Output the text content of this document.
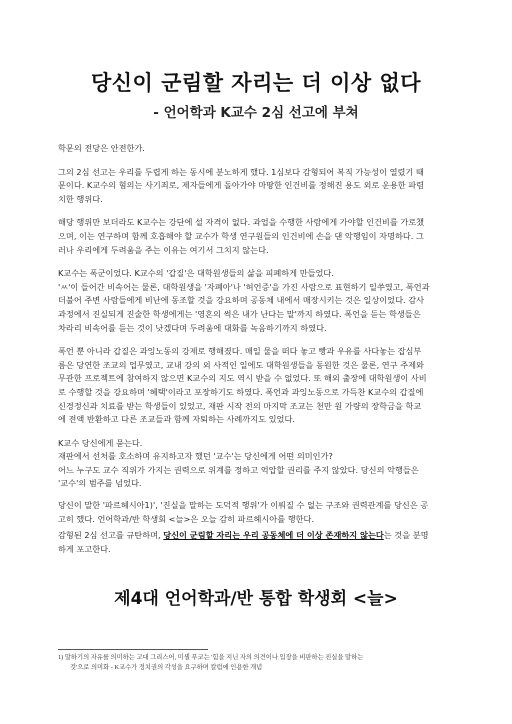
당신이 군림할 자리는 더 이상 없다
- 언어학과 K교수 2심 선고에 부쳐

학문의 전당은 안전한가.

그의 2심 선고는 우리를 두렵게 하는 동시에 분노하게 했다. 1심보다 감형되어 복직 가능성이 열렸기 때
문이다. K교수의 혐의는 사기죄로, 제자들에게 돌아가야 마땅한 인건비를 정해진 용도 외로 운용한 파렴
치한 행위다.

해당 행위만 보더라도 K교수는 강단에 설 자격이 없다. 과업을 수행한 사람에게 가야할 인건비를 가로챘
으며, 이는 연구하며 함께 호흡해야 할 교수가 학생 연구원들의 인건비에 손을 댄 악행임이 자명하다. 그
러나 우리에게 두려움을 주는 이유는 여기서 그치지 않는다.

K교수는 폭군이었다. K교수의 '갑질'은 대학원생들의 삶을 피폐하게 만들었다.
'ㅆ'이 들어간 비속어는 물론, 대학원생을 '자폐아'나 '허언증'을 가진 사람으로 표현하기 일쑤였고, 폭언과
더불어 주변 사람들에게 비난에 동조할 것을 강요하며 공동체 내에서 매장시키는 것은 일상이었다. 감사
과정에서 진실되게 진술한 학생에게는 '영혼의 썩은 내가 난다는 말'까지 하였다. 폭언을 듣는 학생들은
차라리 비속어를 듣는 것이 낫겠다며 두려움에 대화를 녹음하기까지 하였다.

폭언 뿐 아니라 갑질은 과잉노동의 강제로 행해졌다. 매일 물을 떠다 놓고 빵과 우유를 사다놓는 잡심부
름은 당연한 조교의 업무였고, 교내 강의 외 사적인 일에도 대학원생들을 동원한 것은 물론, 연구 주제와
무관한 프로젝트에 참여하지 않으면 K교수의 지도 역시 받을 수 없었다. 또 해외 출장에 대학원생이 사비
로 수행할 것을 강요하며 '혜택'이라고 포장하기도 하였다. 폭언과 과잉노동으로 가득찬 K교수의 갑질에
신경정신과 치료를 받는 학생들이 있었고, 재판 시작 전의 마지막 조교는 천만 원 가량의 장학금을 학교
에 전액 반환하고 다른 조교들과 함께 자퇴하는 사례까지도 있었다.

K교수 당신에게 묻는다.
재판에서 선처를 호소하며 유지하고자 했던 '교수'는 당신에게 어떤 의미인가?
어느 누구도 교수 직위가 가지는 권력으로 위계를 정하고 억압할 권리를 주지 않았다. 당신의 악행들은
'교수'의 범주를 넘었다.

당신이 말한 '파르헤시아1)', '진실을 말하는 도덕적 행위'가 이뤄질 수 없는 구조와 권력관계를 당신은 공
고히 했다. 언어학과/반 학생회 <늘>은 오늘 감히 파르헤시아를 행한다.

감형된 2심 선고를 규탄하며, 당신이 군림할 자리는 우리 공동체에 더 이상 존재하지 않는다는 것을 분명
하게 포고한다.

제4대 언어학과/반 통합 학생회 <늘>
1) 말하기의 자유를 의미하는 고대 그리스어, 미셸 푸코는 '힘을 지닌 자의 의견이나 입장을 비판하는 진실을 말하는
것'으로 의미화 - K교수가 정치권의 각성을 요구하며 칼럼에 인용한 개념
